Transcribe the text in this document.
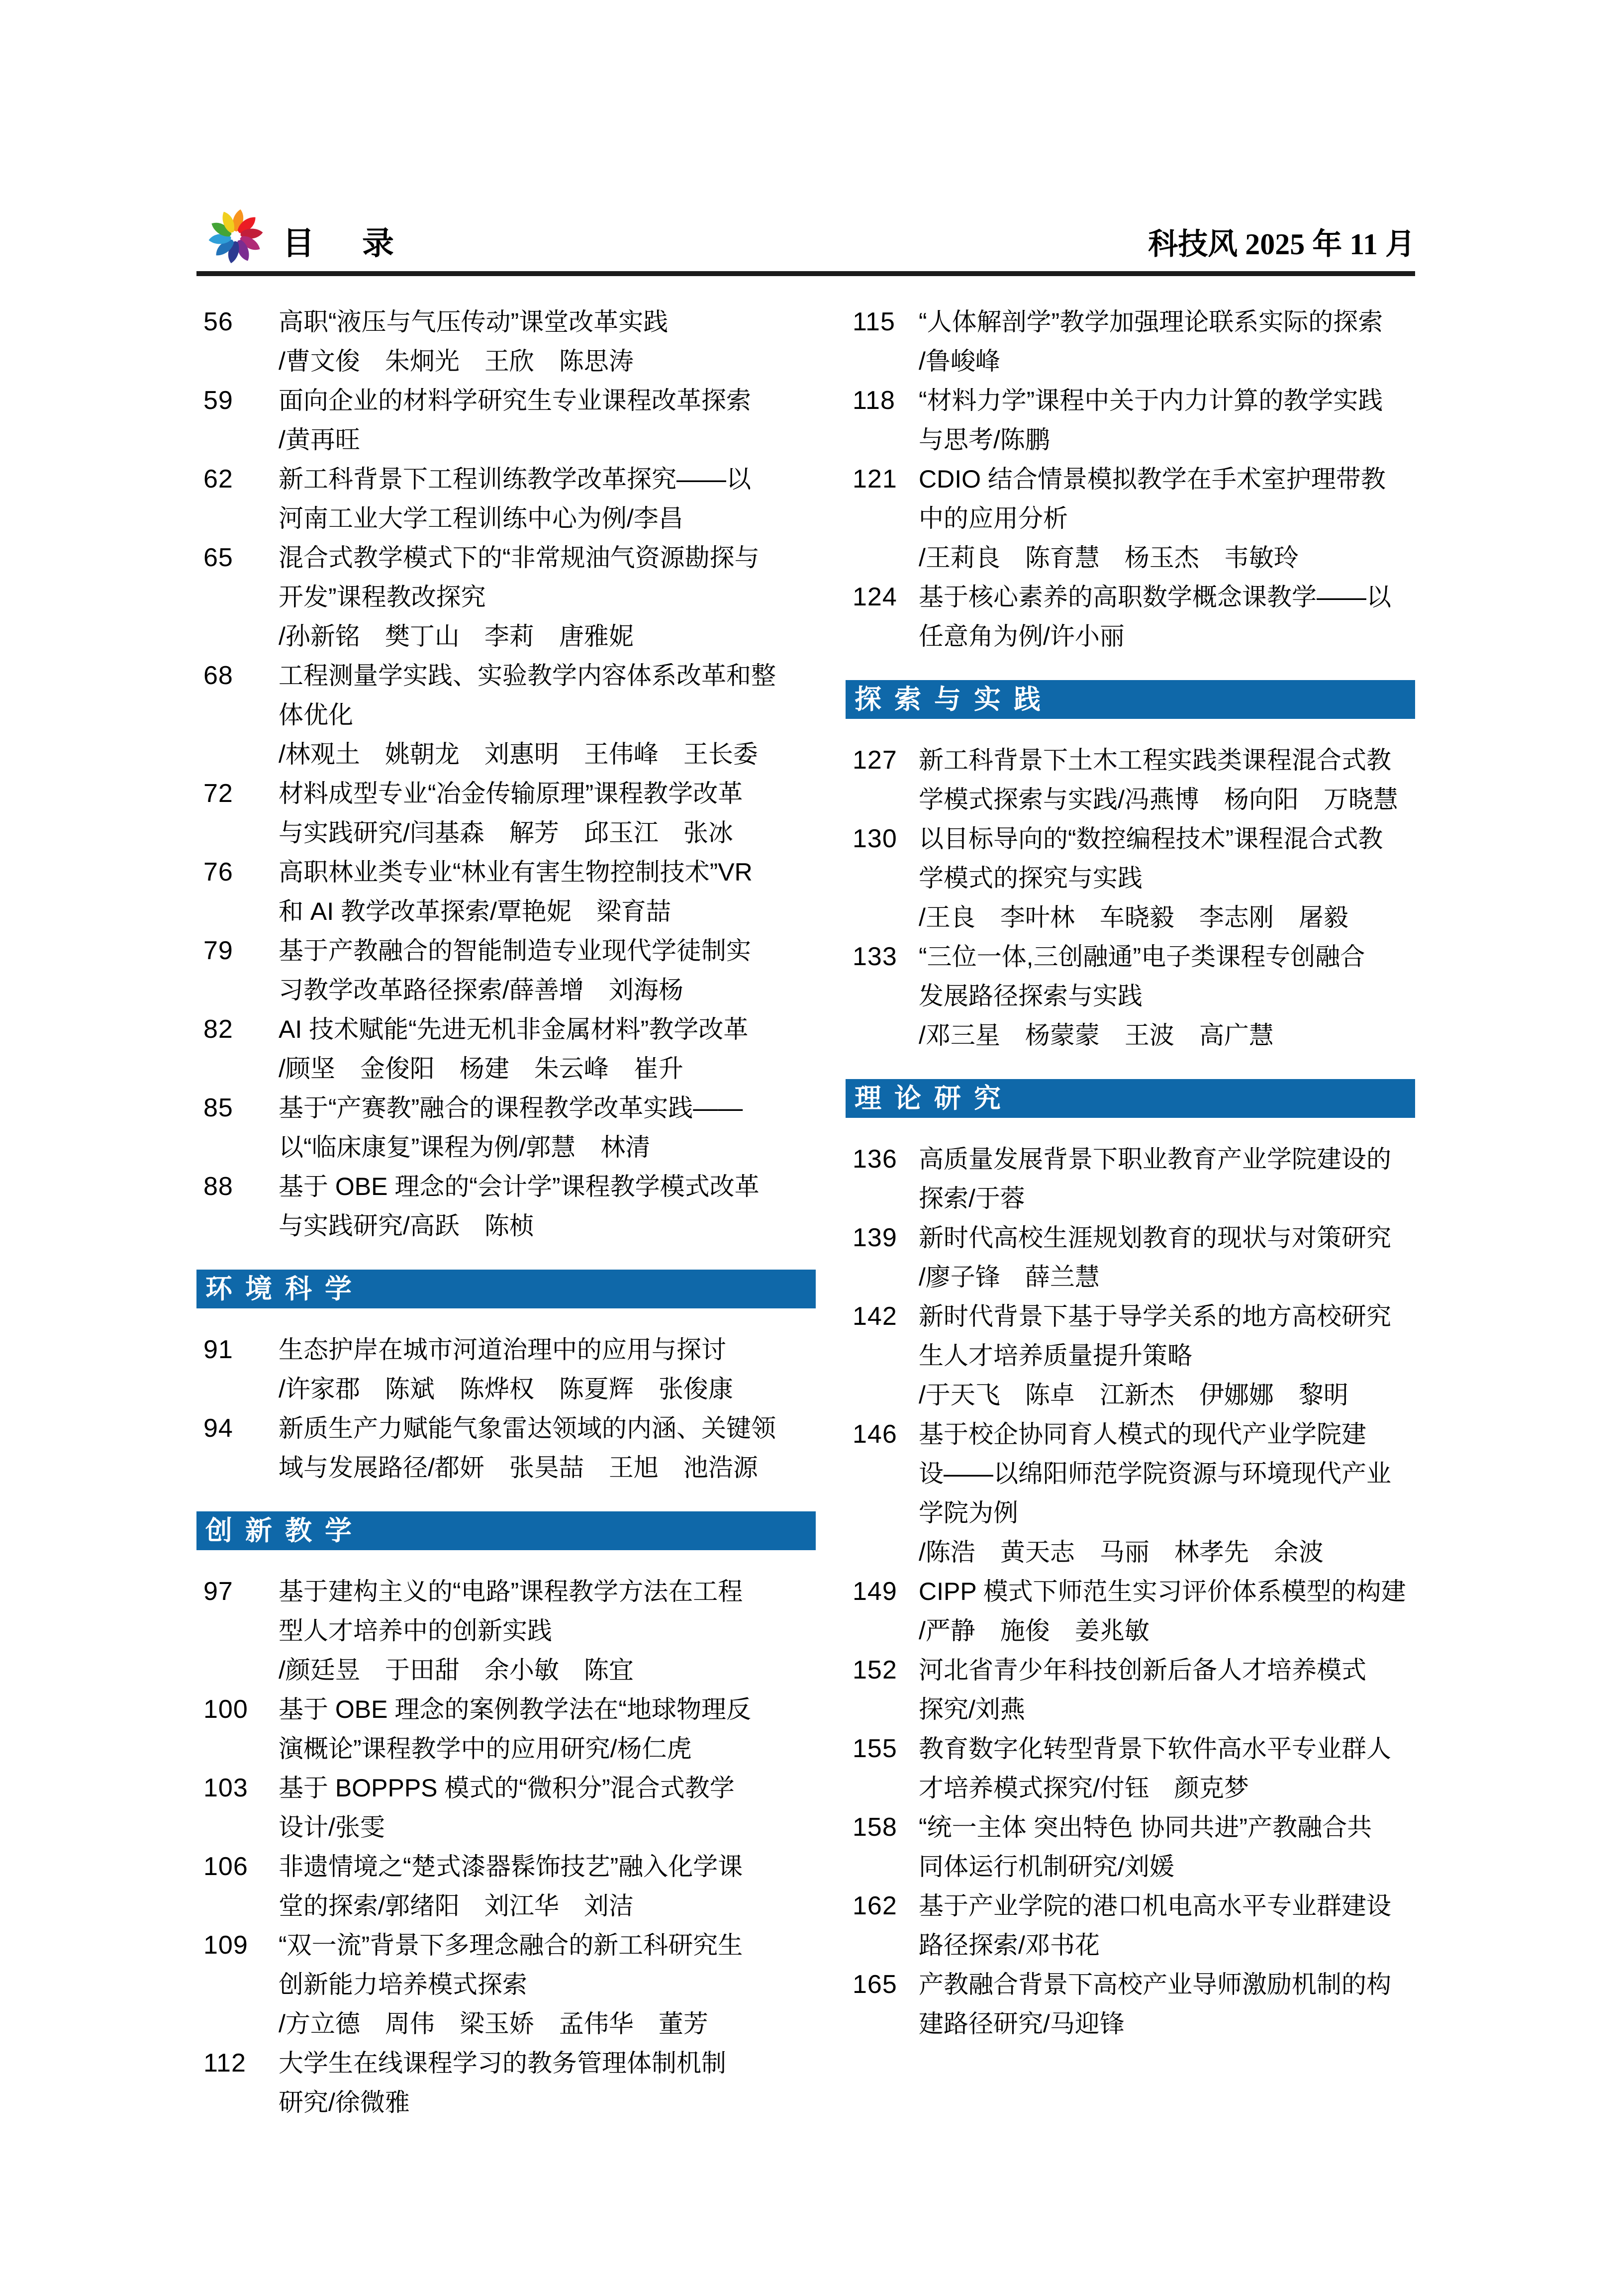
目　录	科技风 2025 年 11 月
56	高职“液压与气压传动”课堂改革实践
/曹文俊　朱炯光　王欣　陈思涛
59	面向企业的材料学研究生专业课程改革探索
/黄再旺
62	新工科背景下工程训练教学改革探究——以
河南工业大学工程训练中心为例/李昌
65	混合式教学模式下的“非常规油气资源勘探与
开发”课程教改探究
/孙新铭　樊丁山　李莉　唐雅妮
68	工程测量学实践、实验教学内容体系改革和整
体优化
/林观土　姚朝龙　刘惠明　王伟峰　王长委
72	材料成型专业“冶金传输原理”课程教学改革
与实践研究/闫基森　解芳　邱玉江　张冰
76	高职林业类专业“林业有害生物控制技术”VR
和 AI 教学改革探索/覃艳妮　梁育喆
79	基于产教融合的智能制造专业现代学徒制实
习教学改革路径探索/薛善增　刘海杨
82	AI 技术赋能“先进无机非金属材料”教学改革
/顾坚　金俊阳　杨建　朱云峰　崔升
85	基于“产赛教”融合的课程教学改革实践——
以“临床康复”课程为例/郭慧　林清
88	基于 OBE 理念的“会计学”课程教学模式改革
与实践研究/高跃　陈桢
环境科学
91	生态护岸在城市河道治理中的应用与探讨
/许家郡　陈斌　陈烨权　陈夏辉　张俊康
94	新质生产力赋能气象雷达领域的内涵、关键领
域与发展路径/都妍　张昊喆　王旭　池浩源
创新教学
97	基于建构主义的“电路”课程教学方法在工程
型人才培养中的创新实践
/颜廷昱　于田甜　余小敏　陈宜
100	基于 OBE 理念的案例教学法在“地球物理反
演概论”课程教学中的应用研究/杨仁虎
103	基于 BOPPPS 模式的“微积分”混合式教学
设计/张雯
106	非遗情境之“楚式漆器髹饰技艺”融入化学课
堂的探索/郭绪阳　刘江华　刘洁
109	“双一流”背景下多理念融合的新工科研究生
创新能力培养模式探索
/方立德　周伟　梁玉娇　孟伟华　董芳
112	大学生在线课程学习的教务管理体制机制
研究/徐微雅
115 “人体解剖学”教学加强理论联系实际的探索
/鲁峻峰
118 “材料力学”课程中关于内力计算的教学实践
与思考/陈鹏
121 CDIO 结合情景模拟教学在手术室护理带教
中的应用分析
/王莉良　陈育慧　杨玉杰　韦敏玲
124 基于核心素养的高职数学概念课教学——以
任意角为例/许小丽
探索与实践
127 新工科背景下土木工程实践类课程混合式教
学模式探索与实践/冯燕博　杨向阳　万晓慧
130 以目标导向的“数控编程技术”课程混合式教
学模式的探究与实践
/王良　李叶林　车晓毅　李志刚　屠毅
133 “三位一体,三创融通”电子类课程专创融合
发展路径探索与实践
/邓三星　杨蒙蒙　王波　高广慧
理论研究
136 高质量发展背景下职业教育产业学院建设的
探索/于蓉
139 新时代高校生涯规划教育的现状与对策研究
/廖子锋　薛兰慧
142 新时代背景下基于导学关系的地方高校研究
生人才培养质量提升策略
/于天飞　陈卓　江新杰　伊娜娜　黎明
146 基于校企协同育人模式的现代产业学院建
设——以绵阳师范学院资源与环境现代产业
学院为例
/陈浩　黄天志　马丽　林孝先　余波
149 CIPP 模式下师范生实习评价体系模型的构建
/严静　施俊　姜兆敏
152 河北省青少年科技创新后备人才培养模式
探究/刘燕
155 教育数字化转型背景下软件高水平专业群人
才培养模式探究/付钰　颜克梦
158 “统一主体 突出特色 协同共进”产教融合共
同体运行机制研究/刘媛
162 基于产业学院的港口机电高水平专业群建设
路径探索/邓书花
165 产教融合背景下高校产业导师激励机制的构
建路径研究/马迎锋
